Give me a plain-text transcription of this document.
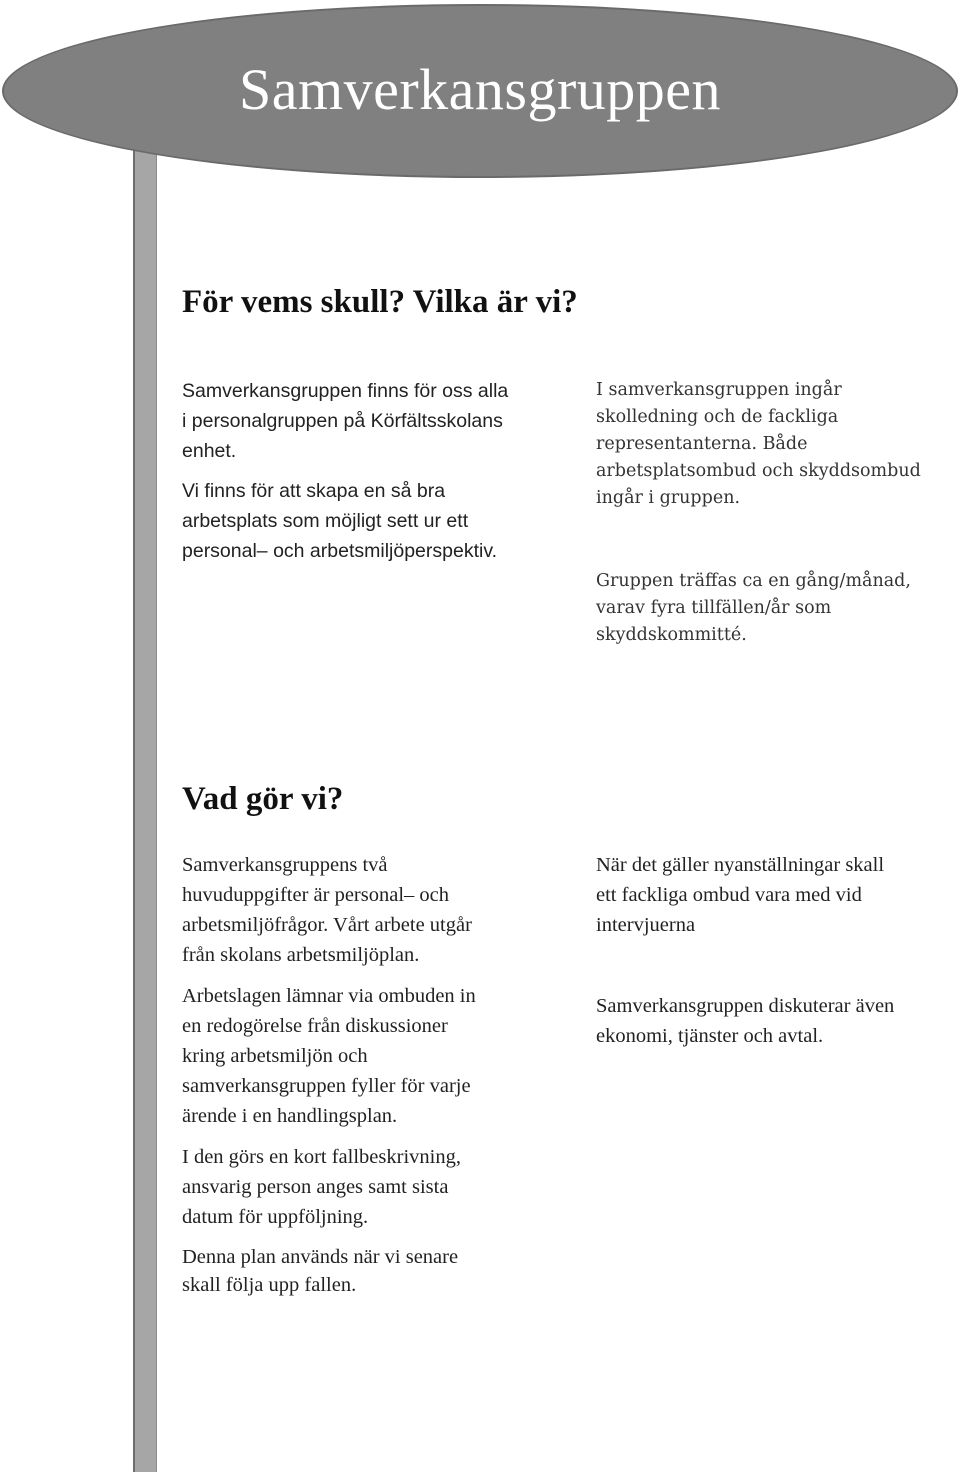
Samverkansgruppen
För vems skull? Vilka är vi?
Samverkansgruppen finns för oss alla
i personalgruppen på Körfältsskolans
enhet.
Vi finns för att skapa en så bra
arbetsplats som möjligt sett ur ett
personal– och arbetsmiljöperspektiv.
I samverkansgruppen ingår
skolledning och de fackliga
representanterna. Både
arbetsplatsombud och skyddsombud
ingår i gruppen.
Gruppen träffas ca en gång/månad,
varav fyra tillfällen/år som
skyddskommitté.
Vad gör vi?
Samverkansgruppens två
huvuduppgifter är personal– och
arbetsmiljöfrågor. Vårt arbete utgår
från skolans arbetsmiljöplan.
Arbetslagen lämnar via ombuden in
en redogörelse från diskussioner
kring arbetsmiljön och
samverkansgruppen fyller för varje
ärende i en handlingsplan.
I den görs en kort fallbeskrivning,
ansvarig person anges samt sista
datum för uppföljning.
Denna plan används när vi senare
skall följa upp fallen.
När det gäller nyanställningar skall
ett fackliga ombud vara med vid
intervjuerna
Samverkansgruppen diskuterar även
ekonomi, tjänster och avtal.
